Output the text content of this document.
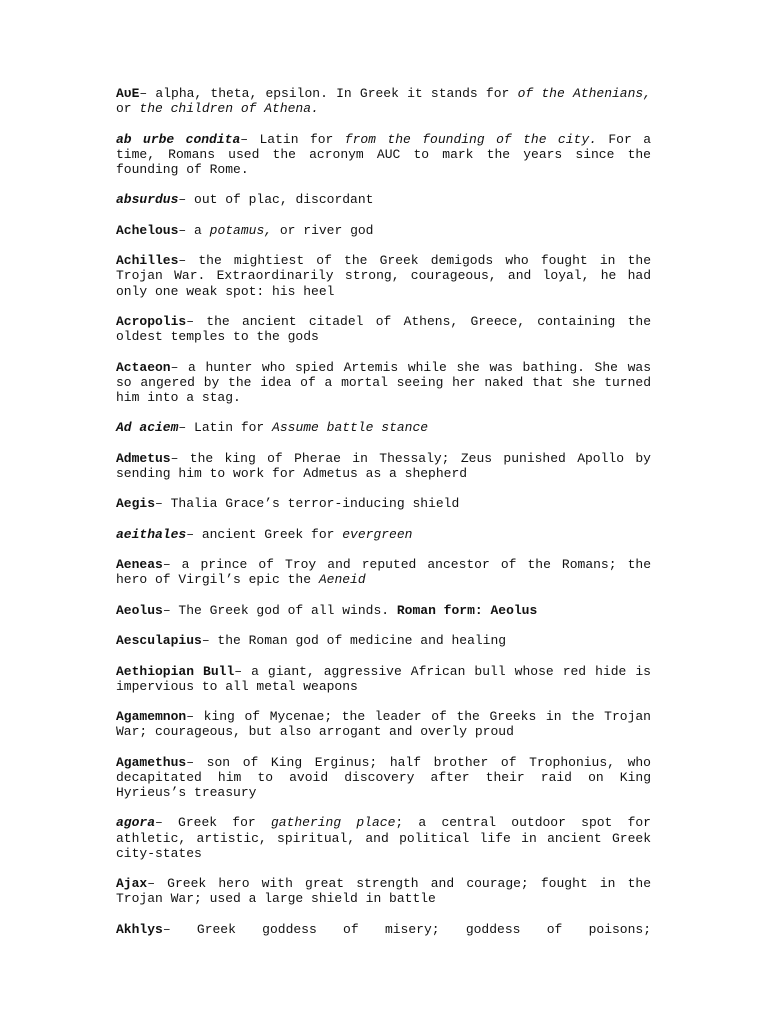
AυE– alpha, theta, epsilon. In Greek it stands for of the Athenians, or the children of Athena.

ab urbe condita– Latin for from the founding of the city. For a time, Romans used the acronym AUC to mark the years since the founding of Rome.

absurdus– out of plac, discordant

Achelous– a potamus, or river god

Achilles– the mightiest of the Greek demigods who fought in the Trojan War. Extraordinarily strong, courageous, and loyal, he had only one weak spot: his heel

Acropolis– the ancient citadel of Athens, Greece, containing the oldest temples to the gods

Actaeon– a hunter who spied Artemis while she was bathing. She was so angered by the idea of a mortal seeing her naked that she turned him into a stag.

Ad aciem– Latin for Assume battle stance

Admetus– the king of Pherae in Thessaly; Zeus punished Apollo by sending him to work for Admetus as a shepherd

Aegis– Thalia Grace’s terror-inducing shield

aeithales– ancient Greek for evergreen

Aeneas– a prince of Troy and reputed ancestor of the Romans; the hero of Virgil’s epic the Aeneid

Aeolus– The Greek god of all winds. Roman form: Aeolus

Aesculapius– the Roman god of medicine and healing

Aethiopian Bull– a giant, aggressive African bull whose red hide is impervious to all metal weapons

Agamemnon– king of Mycenae; the leader of the Greeks in the Trojan War; courageous, but also arrogant and overly proud

Agamethus– son of King Erginus; half brother of Trophonius, who decapitated him to avoid discovery after their raid on King Hyrieus’s treasury

agora– Greek for gathering place; a central outdoor spot for athletic, artistic, spiritual, and political life in ancient Greek city-states

Ajax– Greek hero with great strength and courage; fought in the Trojan War; used a large shield in battle

Akhlys– Greek goddess of misery; goddess of poisons;
